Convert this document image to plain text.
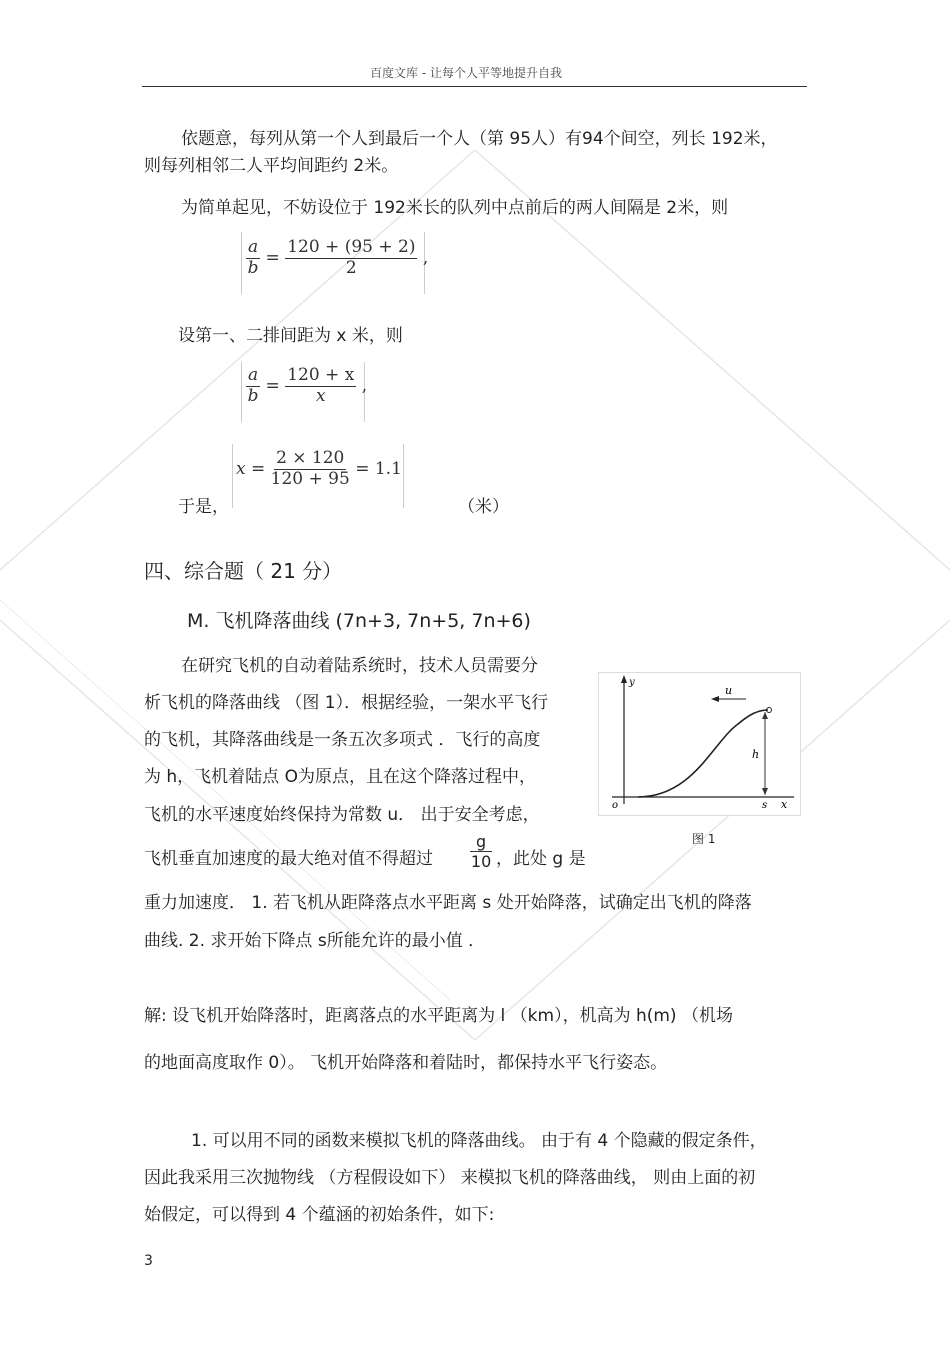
百度文库 - 让每个人平等地提升自我
依题意，每列从第一个人到最后一个人（第 95人）有94个间空，列长 192米，
则每列相邻二人平均间距约 2米。
为简单起见，不妨设位于 192米长的队列中点前后的两人间隔是 2米，则
$\frac{a}{b} = \frac{120 + (95 + 2)}{2}$ ,
设第一、二排间距为 x 米，则
$\frac{a}{b} = \frac{120 + x}{x}$ ,
于是，
$x = \frac{2 \times 120}{120 + 95} = 1.1$
（米）
四、综合题（ 21 分）
M. 飞机降落曲线 (7n+3, 7n+5, 7n+6)
在研究飞机的自动着陆系统时，技术人员需要分
析飞机的降落曲线 （图 1）．根据经验，一架水平飞行
的飞机，其降落曲线是一条五次多项式 ．飞行的高度
为 h，飞机着陆点 O为原点，且在这个降落过程中，
飞机的水平速度始终保持为常数 u． 出于安全考虑，
飞机垂直加速度的最大绝对值不得超过 $\frac{g}{10}$ ，此处 g 是
重力加速度． 1. 若飞机从距降落点水平距离 s 处开始降落，试确定出飞机的降落
曲线. 2. 求开始下降点 s所能允许的最小值 ．
y
x
o	s
h
u
图 1
解: 设飞机开始降落时，距离落点的水平距离为 l （km），机高为 h(m) （机场
的地面高度取作 0）。 飞机开始降落和着陆时，都保持水平飞行姿态。
1. 可以用不同的函数来模拟飞机的降落曲线。 由于有 4 个隐藏的假定条件，
因此我采用三次抛物线 （方程假设如下） 来模拟飞机的降落曲线， 则由上面的初
始假定，可以得到 4 个蕴涵的初始条件，如下:
3
